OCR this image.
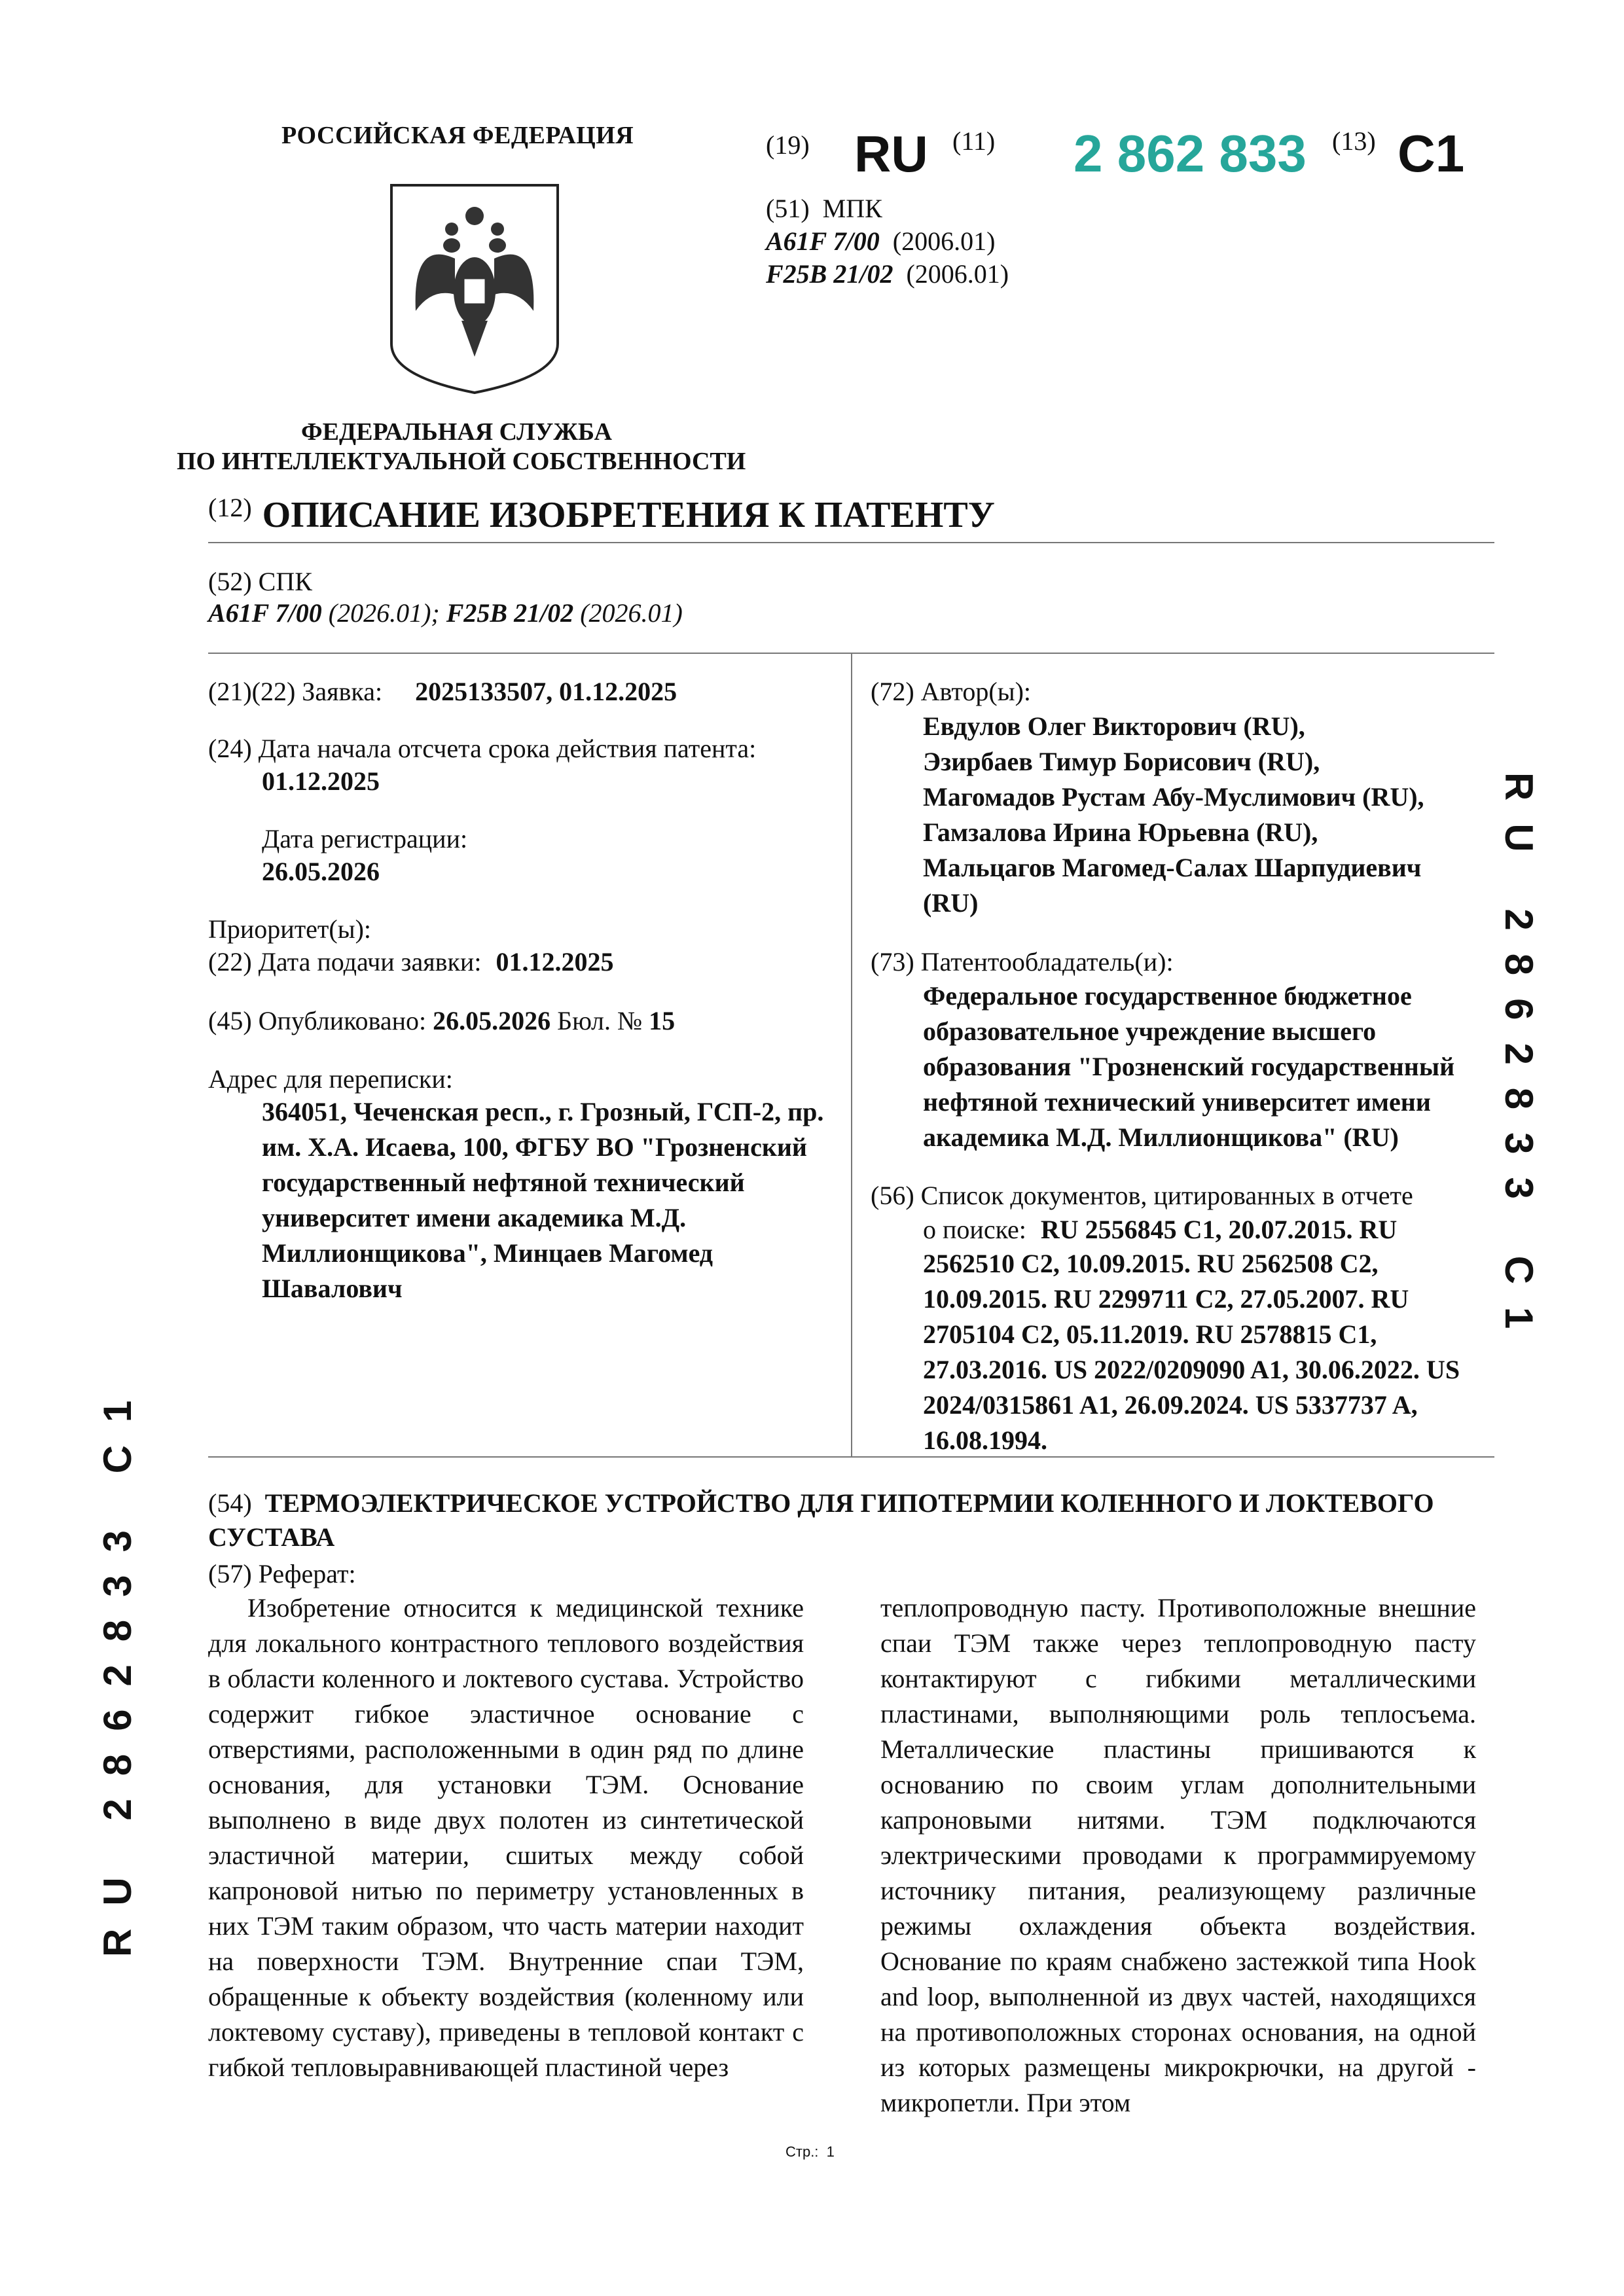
РОССИЙСКАЯ ФЕДЕРАЦИЯ
ФЕДЕРАЛЬНАЯ СЛУЖБА
ПО ИНТЕЛЛЕКТУАЛЬНОЙ СОБСТВЕННОСТИ
(19) RU (11) 2 862 833 (13) C1
(51) МПК
A61F 7/00 (2006.01)
F25B 21/02 (2006.01)
(12) ОПИСАНИЕ ИЗОБРЕТЕНИЯ К ПАТЕНТУ
(52) СПК
A61F 7/00 (2026.01); F25B 21/02 (2026.01)
(21)(22) Заявка: 2025133507, 01.12.2025
(24) Дата начала отсчета срока действия патента:
01.12.2025
Дата регистрации:
26.05.2026
Приоритет(ы):
(22) Дата подачи заявки: 01.12.2025
(45) Опубликовано: 26.05.2026 Бюл. № 15
Адрес для переписки:
364051, Чеченская респ., г. Грозный, ГСП-2, пр.
им. Х.А. Исаева, 100, ФГБУ ВО "Грозненский
государственный нефтяной технический
университет имени академика М.Д.
Миллионщикова", Минцаев Магомед
Шавалович
(72) Автор(ы):
Евдулов Олег Викторович (RU),
Эзирбаев Тимур Борисович (RU),
Магомадов Рустам Абу-Муслимович (RU),
Гамзалова Ирина Юрьевна (RU),
Мальцагов Магомед-Салах Шарпудиевич
(RU)
(73) Патентообладатель(и):
Федеральное государственное бюджетное
образовательное учреждение высшего
образования "Грозненский государственный
нефтяной технический университет имени
академика М.Д. Миллионщикова" (RU)
(56) Список документов, цитированных в отчете
о поиске: RU 2556845 C1, 20.07.2015. RU
2562510 C2, 10.09.2015. RU 2562508 C2,
10.09.2015. RU 2299711 C2, 27.05.2007. RU
2705104 C2, 05.11.2019. RU 2578815 C1,
27.03.2016. US 2022/0209090 A1, 30.06.2022. US
2024/0315861 A1, 26.09.2024. US 5337737 A,
16.08.1994.
(54) ТЕРМОЭЛЕКТРИЧЕСКОЕ УСТРОЙСТВО ДЛЯ ГИПОТЕРМИИ КОЛЕННОГО И ЛОКТЕВОГО
СУСТАВА
(57) Реферат:

Изобретение относится к медицинской технике для локального контрастного теплового воздействия в области коленного и локтевого сустава. Устройство содержит гибкое эластичное основание с отверстиями, расположенными в один ряд по длине основания, для установки ТЭМ. Основание выполнено в виде двух полотен из синтетической эластичной материи, сшитых между собой капроновой нитью по периметру установленных в них ТЭМ таким образом, что часть материи находит на поверхности ТЭМ. Внутренние спаи ТЭМ, обращенные к объекту воздействия (коленному или локтевому суставу), приведены в тепловой контакт с гибкой тепловыравнивающей пластиной через

теплопроводную пасту. Противоположные внешние спаи ТЭМ также через теплопроводную пасту контактируют с гибкими металлическими пластинами, выполняющими роль теплосъема. Металлические пластины пришиваются к основанию по своим углам дополнительными капроновыми нитями. ТЭМ подключаются электрическими проводами к программируемому источнику питания, реализующему различные режимы охлаждения объекта воздействия. Основание по краям снабжено застежкой типа Hook and loop, выполненной из двух частей, находящихся на противоположных сторонах основания, на одной из которых размещены микрокрючки, на другой - микропетли. При этом

RU 2862833 C1
RU 2862833 C1
Стр.: 1
